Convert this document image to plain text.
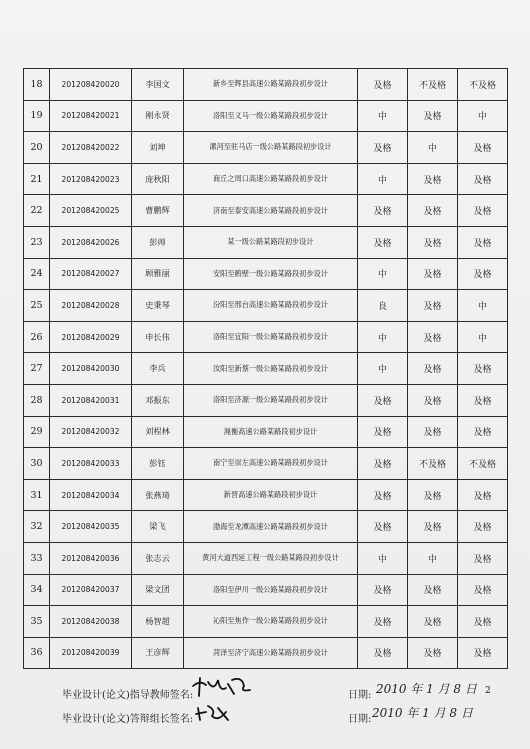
18	201208420020	李国文	新乡至辉县高速公路某路段初步设计	及格	不及格	不及格
19	201208420021	刚永贤	洛阳至义马一级公路某路段初步设计	中	及格	中
20	201208420022	刘坤	漯河至驻马店一级公路某路段初步设计	及格	中	及格
21	201208420023	庞秋阳	商丘之周口高速公路某路段初步设计	中	及格	及格
22	201208420025	曹鹏辉	济南至泰安高速公路某路段初步设计	及格	及格	及格
23	201208420026	彭帅	某一级公路某路段初步设计	及格	及格	及格
24	201208420027	顾雅丽	安阳至鹤壁一级公路某路段初步设计	中	及格	及格
25	201208420028	史秉琴	汾阳至邢台高速公路某路段初步设计	良	及格	中
26	201208420029	申长伟	洛阳至宜阳一级公路某路段初步设计	中	及格	中
27	201208420030	李兵	汝阳至新蔡一级公路某路段初步设计	中	及格	及格
28	201208420031	邓振东	洛阳至济源一级公路某路段初步设计	及格	及格	及格
29	201208420032	刘程林	渑衡高速公路某路段初步设计	及格	及格	及格
30	201208420033	彭钰	南宁至崇左高速公路某路段初步设计	及格	不及格	不及格
31	201208420034	张燕琦	新晋高速公路某路段初步设计	及格	及格	及格
32	201208420035	梁飞	渤海至龙潭高速公路某路段初步设计	及格	及格	及格
33	201208420036	张志云	黄河大道西延工程一级公路某路段初步设计	中	中	及格
34	201208420037	梁文团	洛阳至伊川一级公路某路段初步设计	及格	及格	及格
35	201208420038	杨智超	沁阳至焦作一级公路某路段初步设计	及格	及格	及格
36	201208420039	王彦辉	菏泽至济宁高速公路某路段初步设计	及格	及格	及格
毕业设计(论文)指导教师签名:	日期: 2010 年 1 月 8 日 2
毕业设计(论文)答辩组长签名:	日期: 2010 年 1 月 8 日
